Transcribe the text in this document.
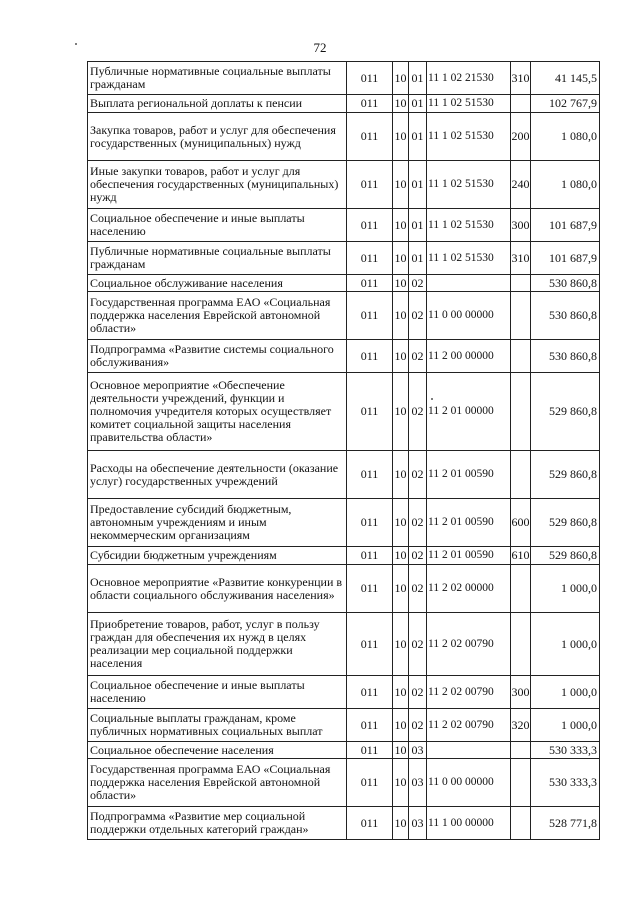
72
Публичные нормативные социальные выплаты гражданам	011	10	01	11 1 02 21530	310	41 145,5
Выплата региональной доплаты к пенсии	011	10	01	11 1 02 51530		102 767,9
Закупка товаров, работ и услуг для обеспечения государственных (муниципальных) нужд	011	10	01	11 1 02 51530	200	1 080,0
Иные закупки товаров, работ и услуг для обеспечения государственных (муниципальных) нужд	011	10	01	11 1 02 51530	240	1 080,0
Социальное обеспечение и иные выплаты населению	011	10	01	11 1 02 51530	300	101 687,9
Публичные нормативные социальные выплаты гражданам	011	10	01	11 1 02 51530	310	101 687,9
Социальное обслуживание населения	011	10	02			530 860,8
Государственная программа ЕАО «Социальная поддержка населения Еврейской автономной области»	011	10	02	11 0 00 00000		530 860,8
Подпрограмма «Развитие системы социального обслуживания»	011	10	02	11 2 00 00000		530 860,8
Основное мероприятие «Обеспечение деятельности учреждений, функции и полномочия учредителя которых осуществляет комитет социальной защиты населения правительства области»	011	10	02	11 2 01 00000		529 860,8
Расходы на обеспечение деятельности (оказание услуг) государственных учреждений	011	10	02	11 2 01 00590		529 860,8
Предоставление субсидий бюджетным, автономным учреждениям и иным некоммерческим организациям	011	10	02	11 2 01 00590	600	529 860,8
Субсидии бюджетным учреждениям	011	10	02	11 2 01 00590	610	529 860,8
Основное мероприятие «Развитие конкуренции в области социального обслуживания населения»	011	10	02	11 2 02 00000		1 000,0
Приобретение товаров, работ, услуг в пользу граждан для обеспечения их нужд в целях реализации мер социальной поддержки населения	011	10	02	11 2 02 00790		1 000,0
Социальное обеспечение и иные выплаты населению	011	10	02	11 2 02 00790	300	1 000,0
Социальные выплаты гражданам, кроме публичных нормативных социальных выплат	011	10	02	11 2 02 00790	320	1 000,0
Социальное обеспечение населения	011	10	03			530 333,3
Государственная программа ЕАО «Социальная поддержка населения Еврейской автономной области»	011	10	03	11 0 00 00000		530 333,3
Подпрограмма «Развитие мер социальной поддержки отдельных категорий граждан»	011	10	03	11 1 00 00000		528 771,8
